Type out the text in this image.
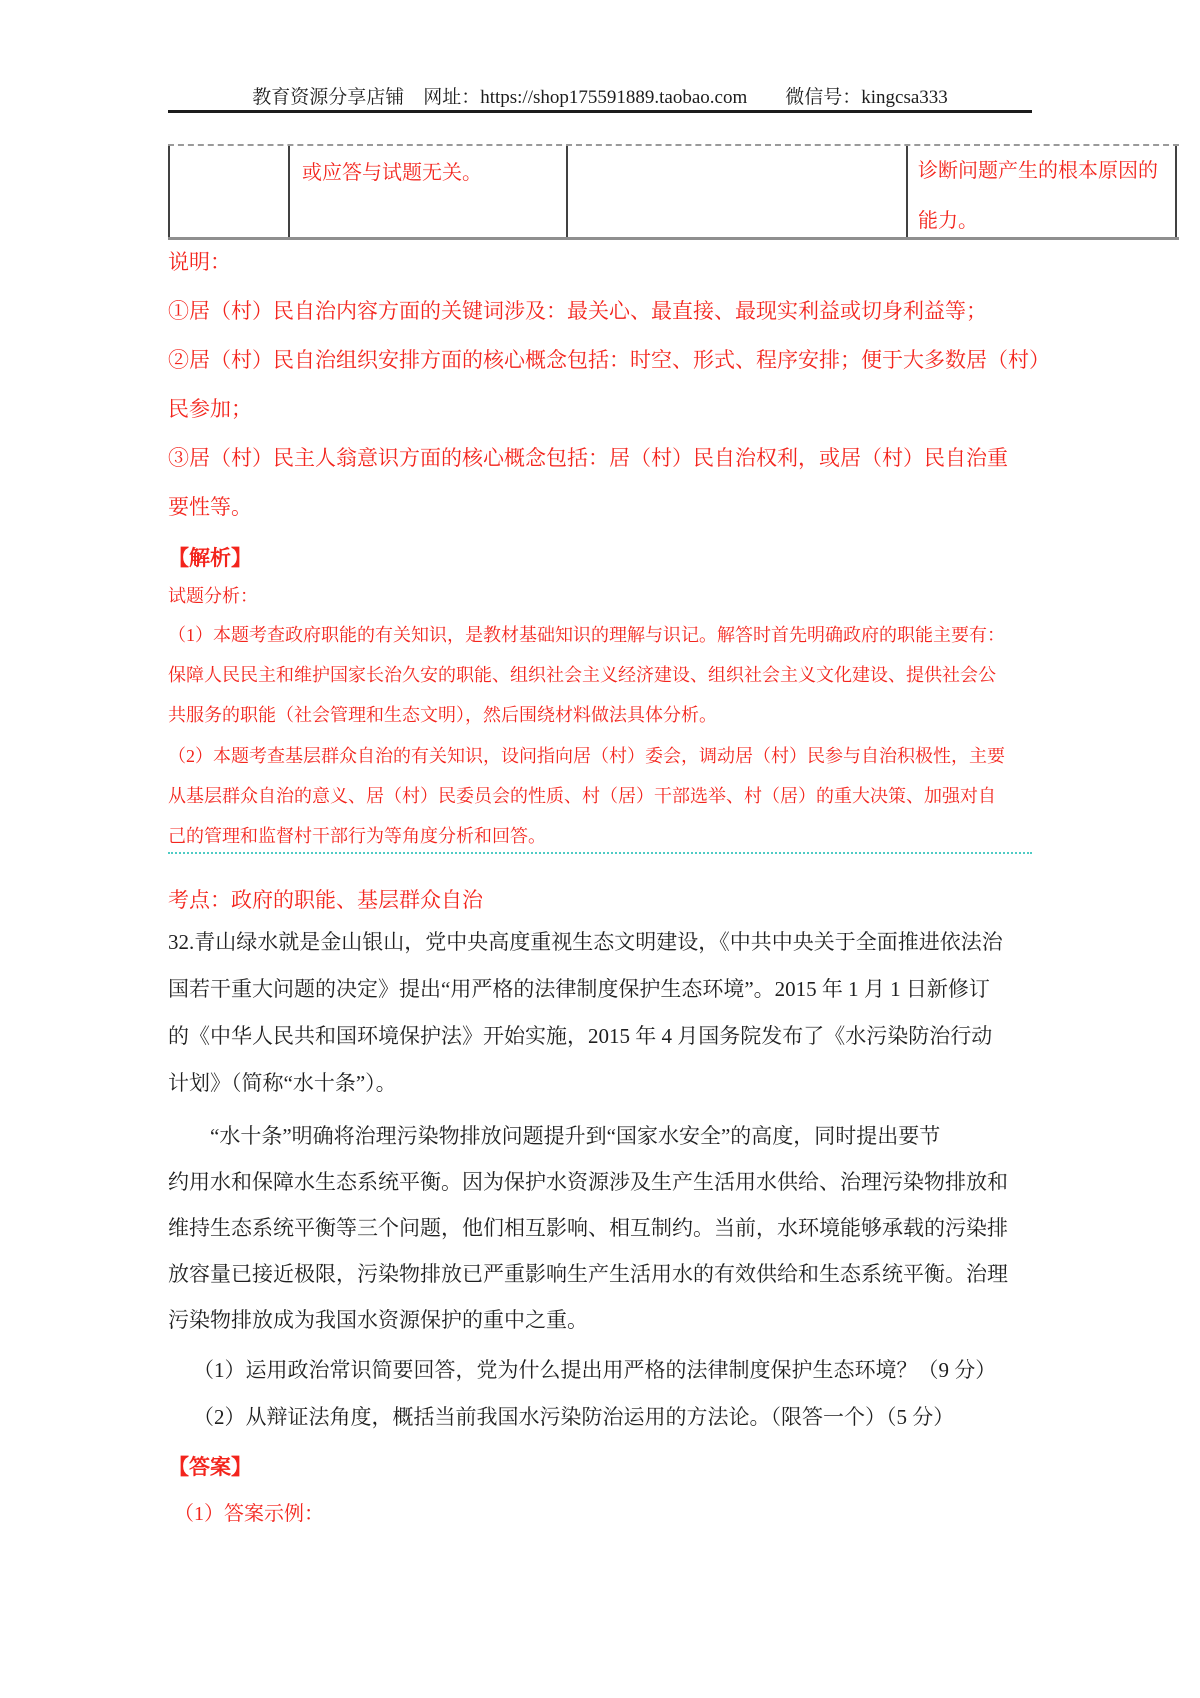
教育资源分享店铺　网址：https://shop175591889.taobao.com　　微信号：kingcsa333
或应答与试题无关。	诊断问题产生的根本原因的
能力。
说明：
①居（村）民自治内容方面的关键词涉及：最关心、最直接、最现实利益或切身利益等；
②居（村）民自治组织安排方面的核心概念包括：时空、形式、程序安排；便于大多数居（村）
民参加；
③居（村）民主人翁意识方面的核心概念包括：居（村）民自治权利，或居（村）民自治重
要性等。
【解析】
试题分析：
（1）本题考查政府职能的有关知识，是教材基础知识的理解与识记。解答时首先明确政府的职能主要有：
保障人民民主和维护国家长治久安的职能、组织社会主义经济建设、组织社会主义文化建设、提供社会公
共服务的职能（社会管理和生态文明），然后围绕材料做法具体分析。
（2）本题考查基层群众自治的有关知识，设问指向居（村）委会，调动居（村）民参与自治积极性，主要
从基层群众自治的意义、居（村）民委员会的性质、村（居）干部选举、村（居）的重大决策、加强对自
己的管理和监督村干部行为等角度分析和回答。
考点：政府的职能、基层群众自治
32.青山绿水就是金山银山，党中央高度重视生态文明建设，《中共中央关于全面推进依法治
国若干重大问题的决定》提出“用严格的法律制度保护生态环境”。2015 年 1 月 1 日新修订
的《中华人民共和国环境保护法》开始实施，2015 年 4 月国务院发布了《水污染防治行动
计划》（简称“水十条”）。
“水十条”明确将治理污染物排放问题提升到“国家水安全”的高度，同时提出要节
约用水和保障水生态系统平衡。因为保护水资源涉及生产生活用水供给、治理污染物排放和
维持生态系统平衡等三个问题，他们相互影响、相互制约。当前，水环境能够承载的污染排
放容量已接近极限，污染物排放已严重影响生产生活用水的有效供给和生态系统平衡。治理
污染物排放成为我国水资源保护的重中之重。
（1）运用政治常识简要回答，党为什么提出用严格的法律制度保护生态环境？（9 分）
（2）从辩证法角度，概括当前我国水污染防治运用的方法论。（限答一个）（5 分）
【答案】
（1）答案示例：
